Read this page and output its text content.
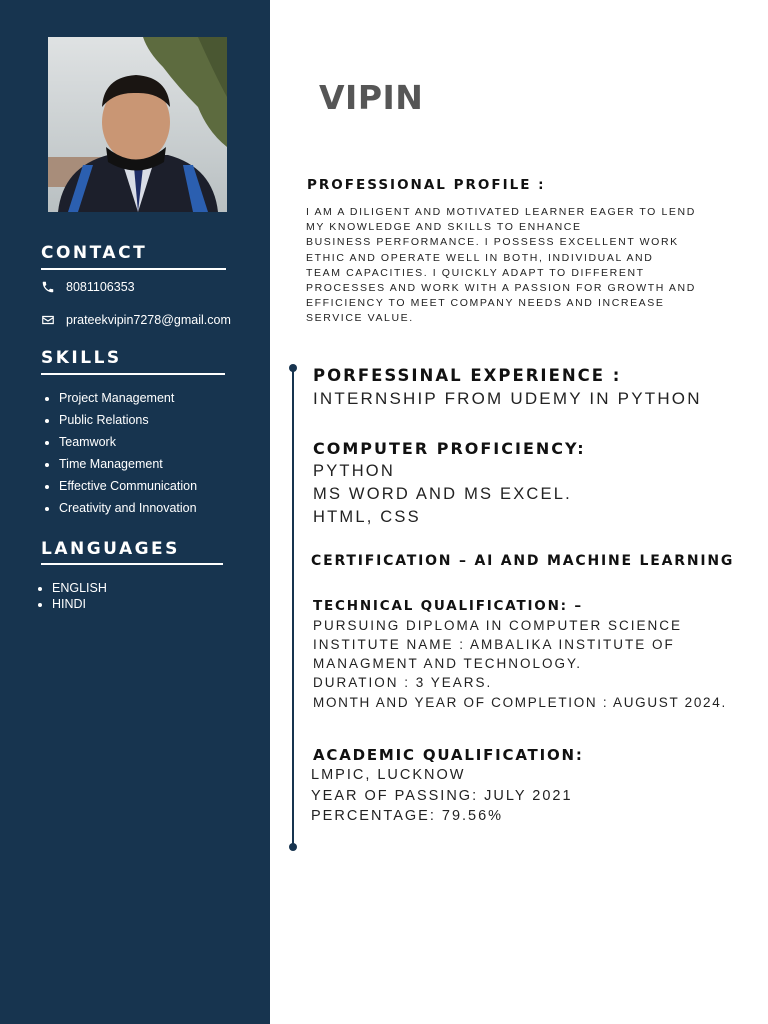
CONTACT
8081106353
prateekvipin7278@gmail.com
SKILLS
Project Management
Public Relations
Teamwork
Time Management
Effective Communication
Creativity and Innovation
LANGUAGES
ENGLISH
HINDI
VIPIN
PROFESSIONAL PROFILE :
I AM A DILIGENT AND MOTIVATED LEARNER EAGER TO LEND
MY KNOWLEDGE AND SKILLS TO ENHANCE
BUSINESS PERFORMANCE. I POSSESS EXCELLENT WORK
ETHIC AND OPERATE WELL IN BOTH, INDIVIDUAL AND
TEAM CAPACITIES. I QUICKLY ADAPT TO DIFFERENT
PROCESSES AND WORK WITH A PASSION FOR GROWTH AND
EFFICIENCY TO MEET COMPANY NEEDS AND INCREASE
SERVICE VALUE.
PORFESSINAL EXPERIENCE :
INTERNSHIP FROM UDEMY IN PYTHON
COMPUTER PROFICIENCY:
PYTHON
MS WORD AND MS EXCEL.
HTML, CSS
CERTIFICATION – AI AND MACHINE LEARNING
TECHNICAL QUALIFICATION: –
PURSUING DIPLOMA IN COMPUTER SCIENCE
INSTITUTE NAME : AMBALIKA INSTITUTE OF
MANAGMENT AND TECHNOLOGY.
DURATION : 3 YEARS.
MONTH AND YEAR OF COMPLETION : AUGUST 2024.
ACADEMIC QUALIFICATION:
LMPIC, LUCKNOW
YEAR OF PASSING: JULY 2021
PERCENTAGE: 79.56%
